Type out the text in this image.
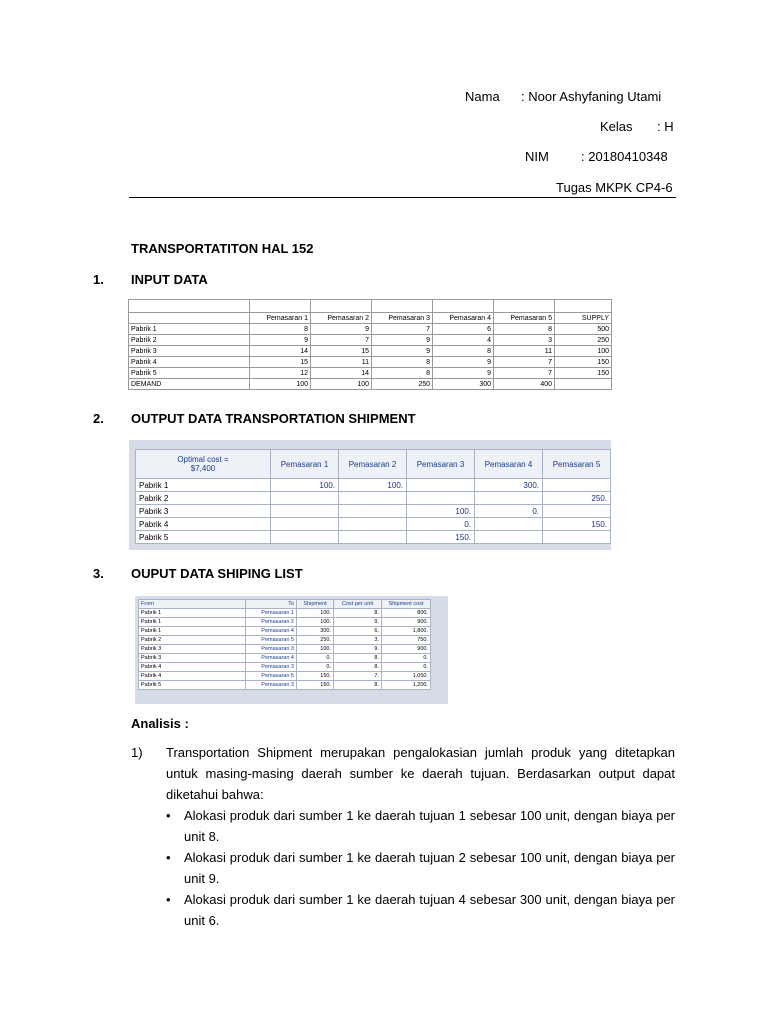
Nama : Noor Ashyfaning Utami
Kelas : H
NIM : 20180410348
Tugas MKPK CP4-6
TRANSPORTATITON HAL 152
1. INPUT DATA

	Pemasaran 1	Pemasaran 2	Pemasaran 3	Pemasaran 4	Pemasaran 5	SUPPLY
Pabrik 1	8	9	7	6	8	500
Pabrik 2	9	7	9	4	3	250
Pabrik 3	14	15	9	8	11	100
Pabrik 4	15	11	8	9	7	150
Pabrik 5	12	14	8	9	7	150
DEMAND	100	100	250	300	400	
2. OUTPUT DATA TRANSPORTATION SHIPMENT
Optimal cost =
$7,400	Pemasaran 1	Pemasaran 2	Pemasaran 3	Pemasaran 4	Pemasaran 5
Pabrik 1	100.	100.		300.	
Pabrik 2					250.
Pabrik 3			100.	0.	
Pabrik 4			0.		150.
Pabrik 5			150.		
3. OUPUT DATA SHIPING LIST
From	To	Shipment	Cost per unit	Shipment cost
Pabrik 1	Pemasaran 1	100.	8.	800.
Pabrik 1	Pemasaran 2	100.	9.	900.
Pabrik 1	Pemasaran 4	300.	6.	1,800.
Pabrik 2	Pemasaran 5	250.	3.	750.
Pabrik 3	Pemasaran 3	100.	9.	900.
Pabrik 3	Pemasaran 4	0.	8.	0.
Pabrik 4	Pemasaran 3	0.	8.	0.
Pabrik 4	Pemasaran 5	150.	7.	1,050.
Pabrik 5	Pemasaran 3	150.	8.	1,200.
Analisis :
1) Transportation Shipment merupakan pengalokasian jumlah produk yang ditetapkan untuk masing-masing daerah sumber ke daerah tujuan. Berdasarkan output dapat diketahui bahwa:
• Alokasi produk dari sumber 1 ke daerah tujuan 1 sebesar 100 unit, dengan biaya per unit 8.
• Alokasi produk dari sumber 1 ke daerah tujuan 2 sebesar 100 unit, dengan biaya per unit 9.
• Alokasi produk dari sumber 1 ke daerah tujuan 4 sebesar 300 unit, dengan biaya per unit 6.
